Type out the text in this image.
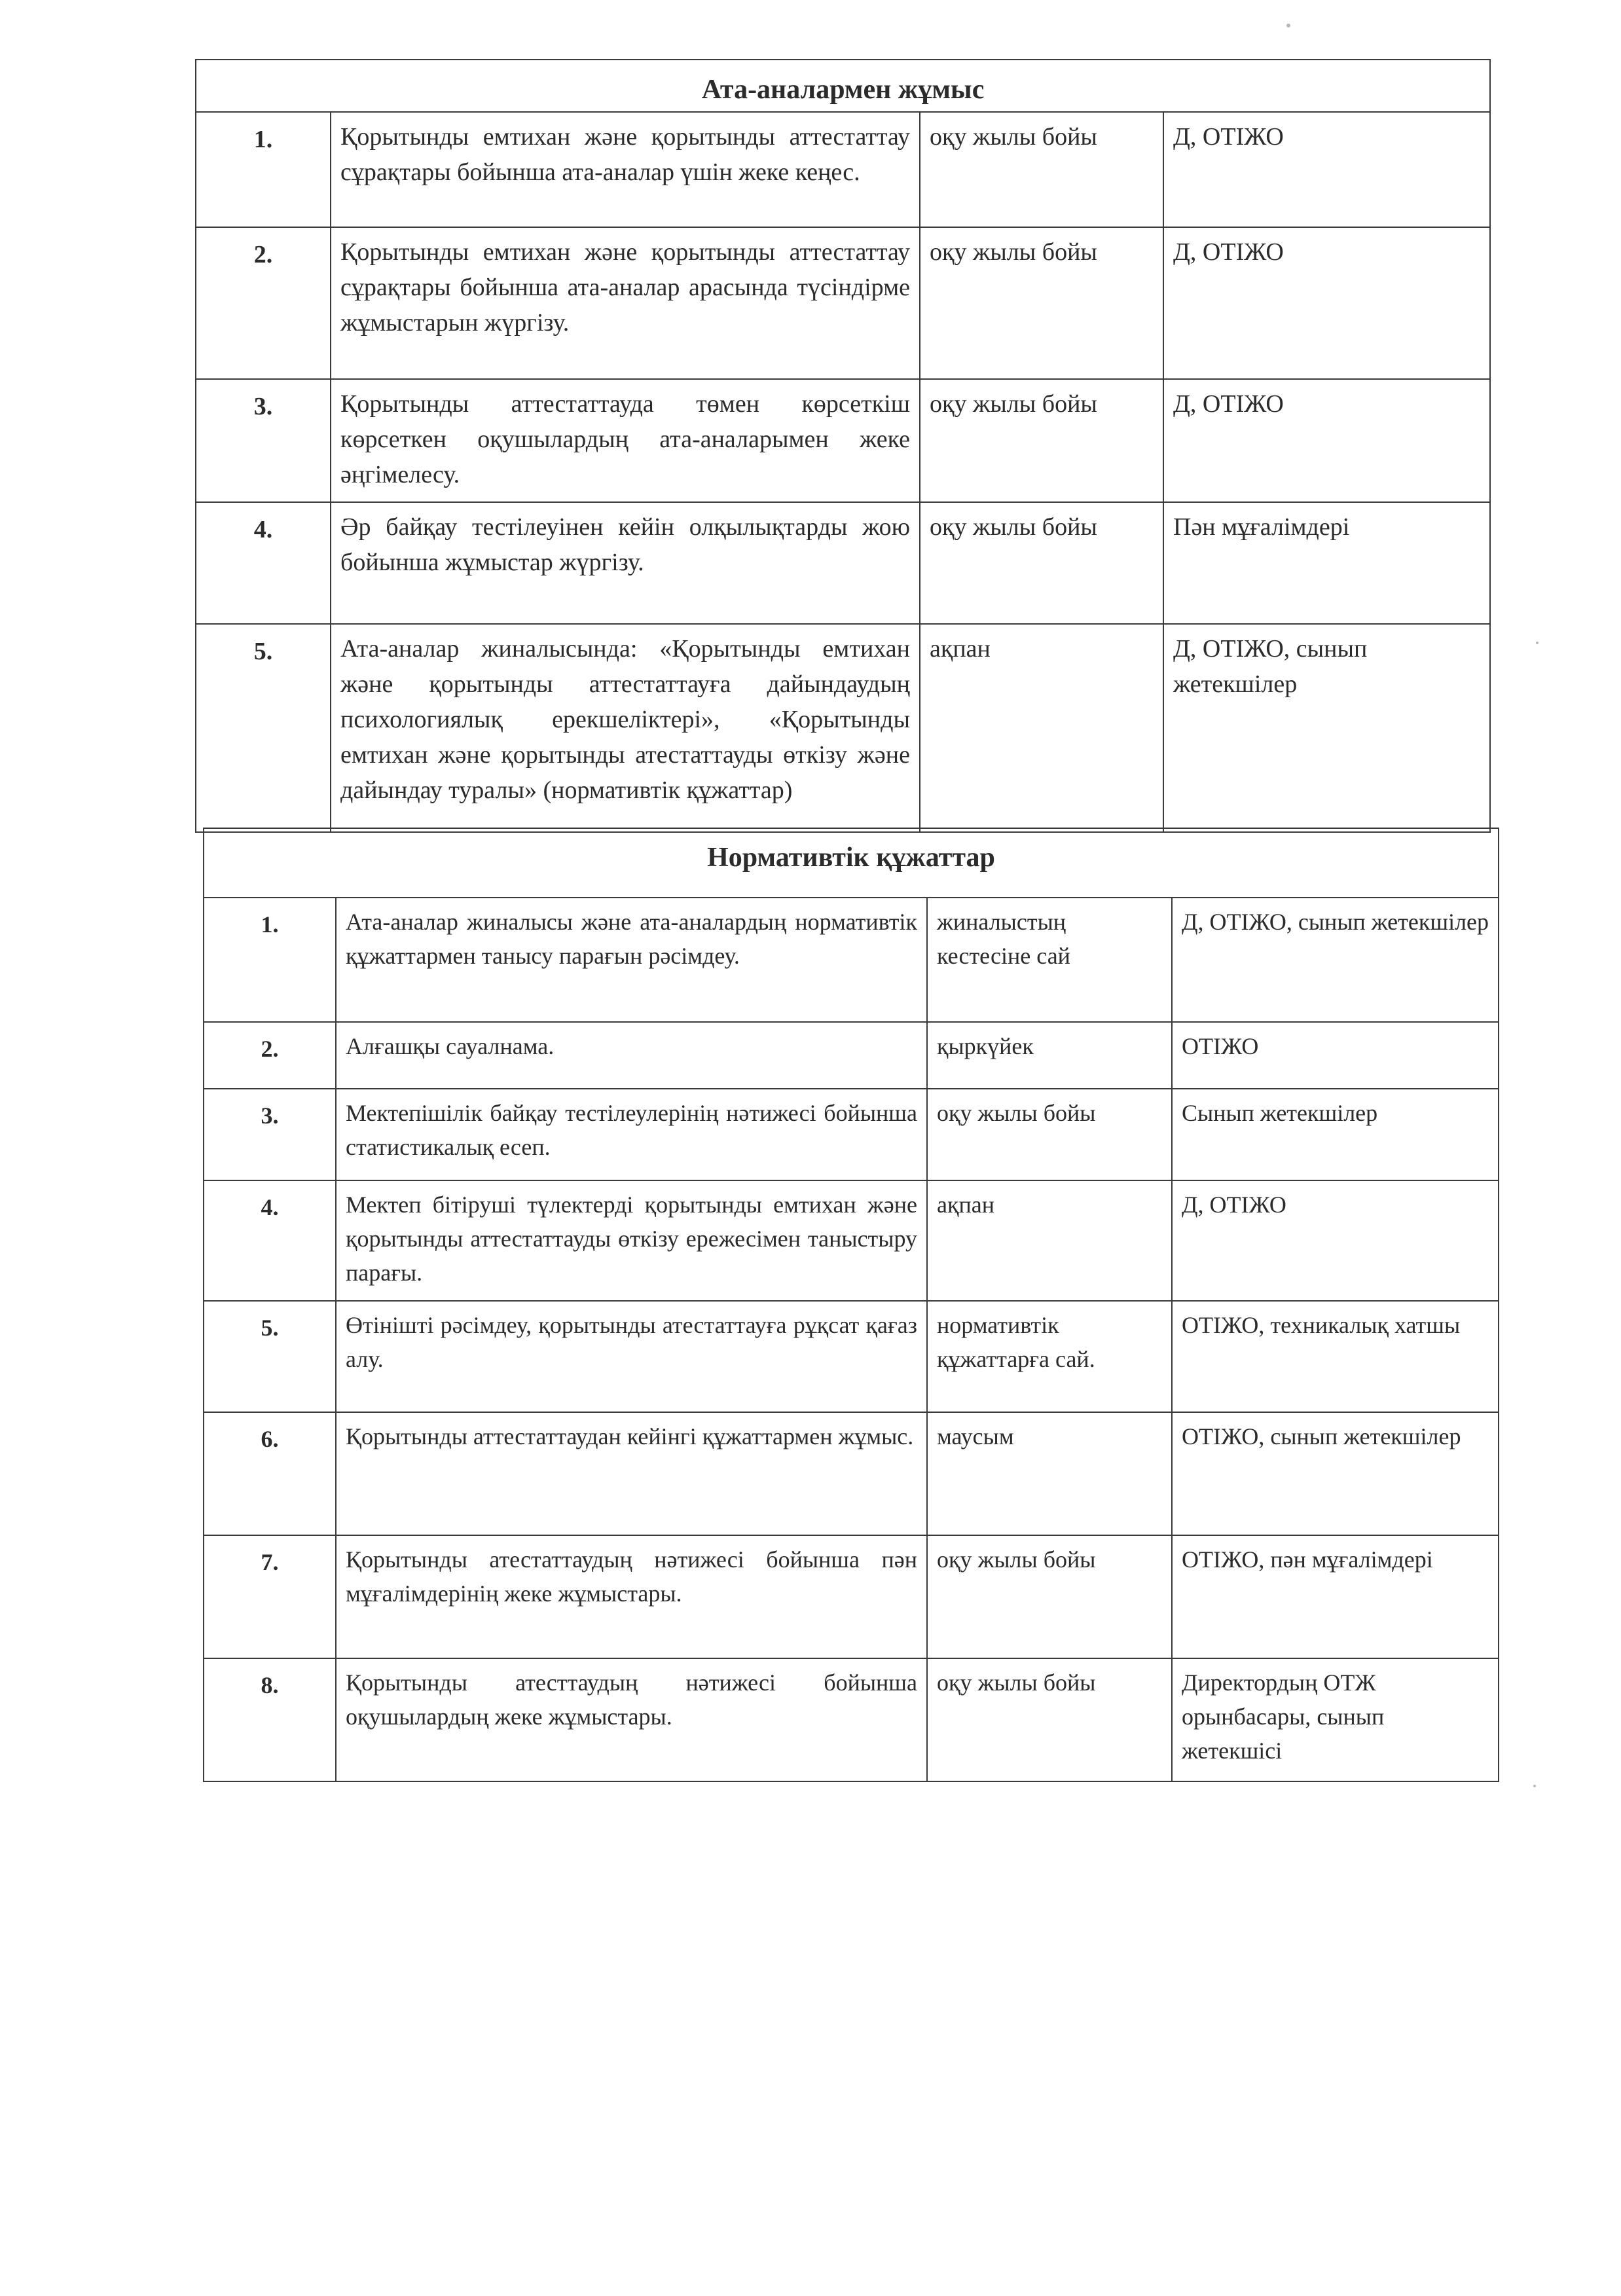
Ата-аналармен жұмыс			
1.	Қорытынды емтихан және қорытынды аттестаттау сұрақтары бойынша ата-аналар үшін жеке кеңес.	оқу жылы бойы	Д, ОТІЖО
2.	Қорытынды емтихан және қорытынды аттестаттау сұрақтары бойынша ата-аналар арасында түсіндірме жұмыстарын жүргізу.	оқу жылы бойы	Д, ОТІЖО
3.	Қорытынды аттестаттауда төмен көрсеткіш көрсеткен оқушылардың ата-аналарымен жеке әңгімелесу.	оқу жылы бойы	Д, ОТІЖО
4.	Әр байқау тестілеуінен кейін олқылықтарды жою бойынша жұмыстар жүргізу.	оқу жылы бойы	Пән мұғалімдері
5.	Ата-аналар жиналысында: «Қорытынды емтихан және қорытынды аттестаттауға дайындаудың психологиялық ерекшеліктері», «Қорытынды емтихан және қорытынды атестаттауды өткізу және дайындау туралы» (нормативтік құжаттар)	ақпан	Д, ОТІЖО, сынып жетекшілер
Нормативтік құжаттар			
1.	Ата-аналар жиналысы және ата-аналардың нормативтік құжаттармен танысу парағын рәсімдеу.	жиналыстың кестесіне сай	Д, ОТІЖО, сынып жетекшілер
2.	Алғашқы сауалнама.	қыркүйек	ОТІЖО
3.	Мектепішілік байқау тестілеулерінің нәтижесі бойынша статистикалық есеп.	оқу жылы бойы	Сынып жетекшілер
4.	Мектеп бітіруші түлектерді қорытынды емтихан және қорытынды аттестаттауды өткізу ережесімен таныстыру парағы.	ақпан	Д, ОТІЖО
5.	Өтінішті рәсімдеу, қорытынды атестаттауға рұқсат қағаз алу.	нормативтік құжаттарға сай.	ОТІЖО, техникалық хатшы
6.	Қорытынды аттестаттаудан кейінгі құжаттармен жұмыс.	маусым	ОТІЖО, сынып жетекшілер
7.	Қорытынды атестаттаудың нәтижесі бойынша пән мұғалімдерінің жеке жұмыстары.	оқу жылы бойы	ОТІЖО, пән мұғалімдері
8.	Қорытынды атесттаудың нәтижесі бойынша оқушылардың жеке жұмыстары.	оқу жылы бойы	Директордың ОТЖ орынбасары, сынып жетекшісі
